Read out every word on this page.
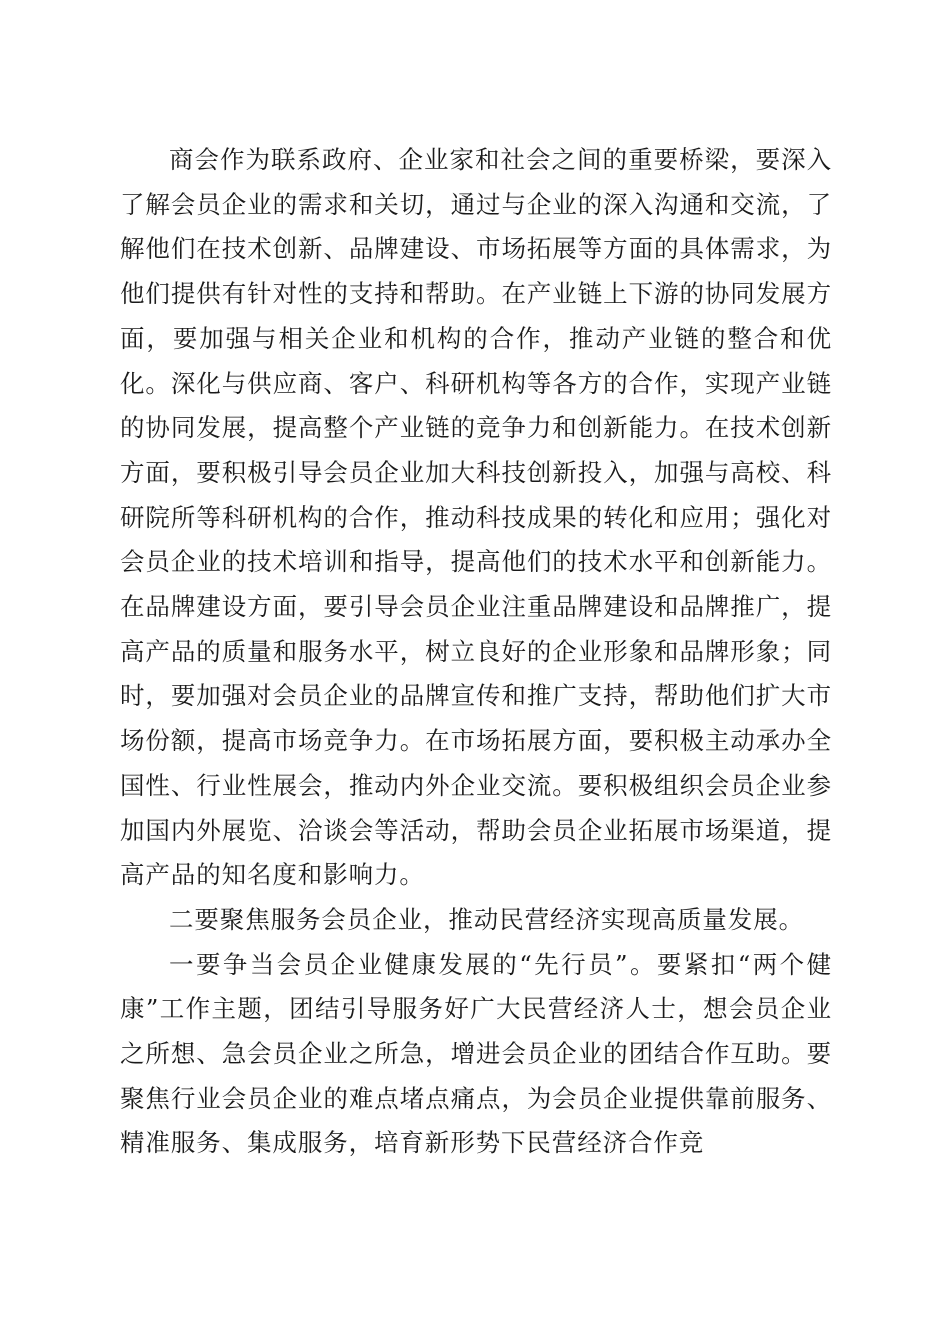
商会作为联系政府、企业家和社会之间的重要桥梁，要深入了解会员企业的需求和关切，通过与企业的深入沟通和交流，了解他们在技术创新、品牌建设、市场拓展等方面的具体需求，为他们提供有针对性的支持和帮助。在产业链上下游的协同发展方面，要加强与相关企业和机构的合作，推动产业链的整合和优化。深化与供应商、客户、科研机构等各方的合作，实现产业链的协同发展，提高整个产业链的竞争力和创新能力。在技术创新方面，要积极引导会员企业加大科技创新投入，加强与高校、科研院所等科研机构的合作，推动科技成果的转化和应用；强化对会员企业的技术培训和指导，提高他们的技术水平和创新能力。在品牌建设方面，要引导会员企业注重品牌建设和品牌推广，提高产品的质量和服务水平，树立良好的企业形象和品牌形象；同时，要加强对会员企业的品牌宣传和推广支持，帮助他们扩大市场份额，提高市场竞争力。在市场拓展方面，要积极主动承办全国性、行业性展会，推动内外企业交流。要积极组织会员企业参加国内外展览、洽谈会等活动，帮助会员企业拓展市场渠道，提高产品的知名度和影响力。

二要聚焦服务会员企业，推动民营经济实现高质量发展。

一要争当会员企业健康发展的“先行员”。要紧扣“两个健康”工作主题，团结引导服务好广大民营经济人士，想会员企业之所想、急会员企业之所急，增进会员企业的团结合作互助。要聚焦行业会员企业的难点堵点痛点，为会员企业提供靠前服务、精准服务、集成服务，培育新形势下民营经济合作竞
